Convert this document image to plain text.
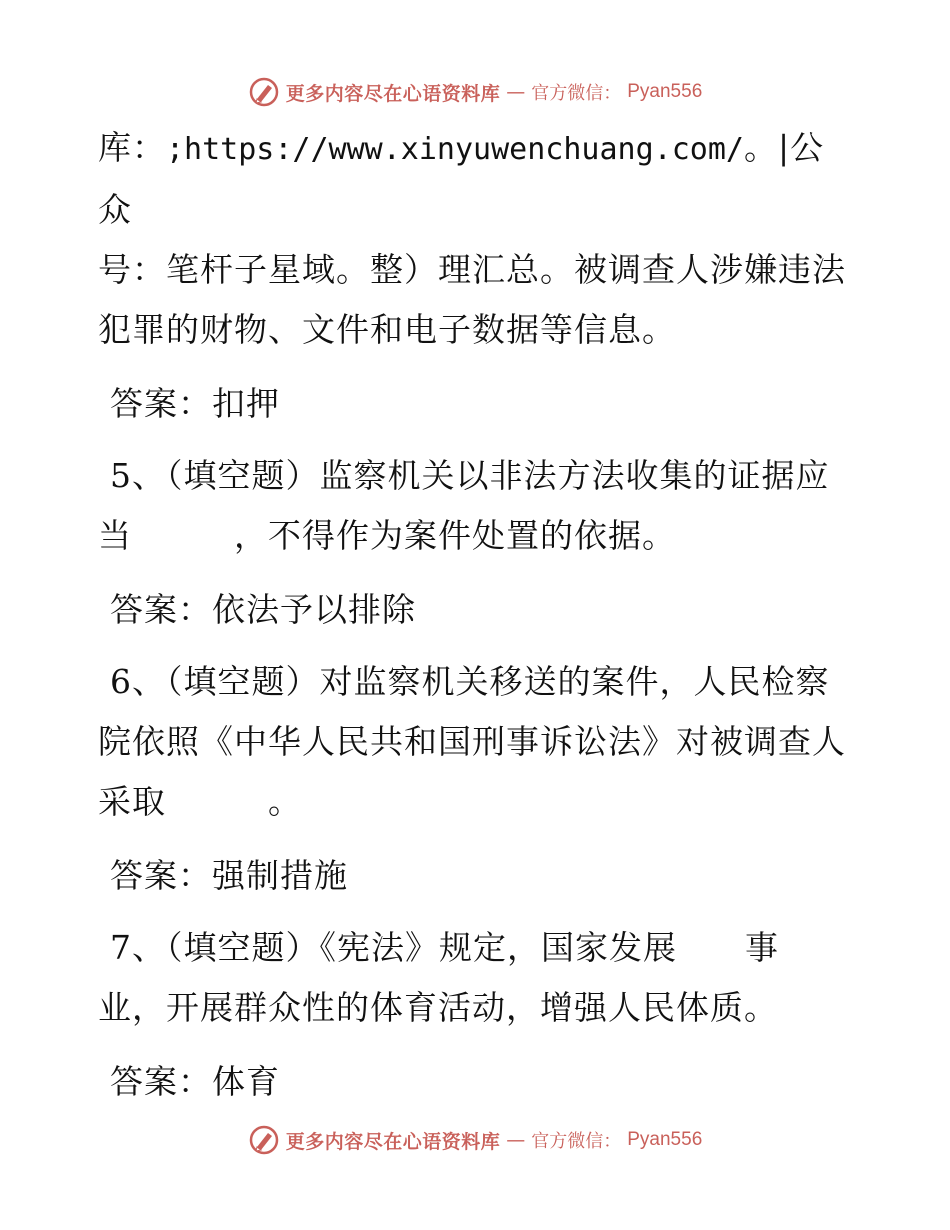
更多内容尽在心语资料库 — 官方微信： Pyan556

库：;https://www.xinyuwenchuang.com/。|公众
号：笔杆子星域。整）理汇总。被调查人涉嫌违法
犯罪的财物、文件和电子数据等信息。

答案：扣押

5、（填空题）监察机关以非法方法收集的证据应
当	，不得作为案件处置的依据。

答案：依法予以排除

6、（填空题）对监察机关移送的案件，人民检察
院依照《中华人民共和国刑事诉讼法》对被调查人
采取	。

答案：强制措施

7、（填空题）《宪法》规定，国家发展 事
业，开展群众性的体育活动，增强人民体质。

答案：体育

更多内容尽在心语资料库 — 官方微信： Pyan556
